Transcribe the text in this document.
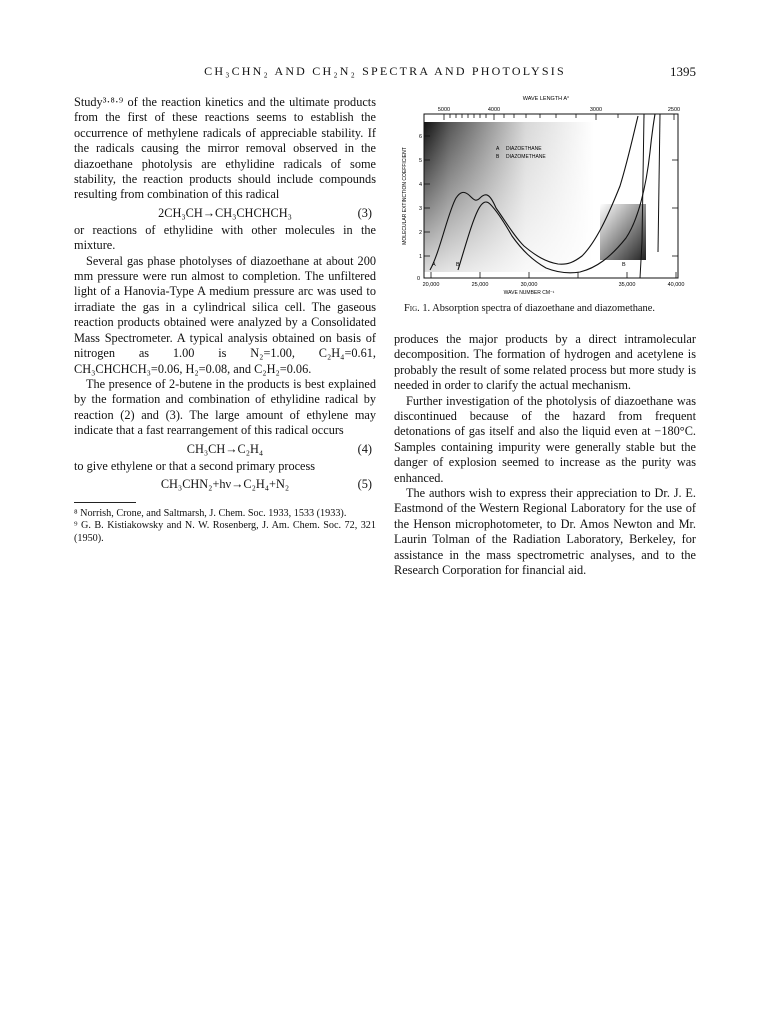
CH₃CHN₂ AND CH₂N₂ SPECTRA AND PHOTOLYSIS	1395

Study³·⁸·⁹ of the reaction kinetics and the ultimate products from the first of these reactions seems to establish the occurrence of methylene radicals of appreciable stability. If the radicals causing the mirror removal observed in the diazoethane photolysis are ethylidine radicals of some stability, the reaction products should include compounds resulting from combination of this radical

2CH₃CH→CH₃CHCHCH₃	(3)

or reactions of ethylidine with other molecules in the mixture.

Several gas phase photolyses of diazoethane at about 200 mm pressure were run almost to completion. The unfiltered light of a Hanovia-Type A medium pressure arc was used to irradiate the gas in a cylindrical silica cell. The gaseous reaction products obtained were analyzed by a Consolidated Mass Spectrometer. A typical analysis obtained on basis of nitrogen as 1.00 is N₂=1.00, C₂H₄=0.61, CH₃CHCHCH₃=0.06, H₂=0.08, and C₂H₂=0.06.

The presence of 2-butene in the products is best explained by the formation and combination of ethylidine radical by reaction (2) and (3). The large amount of ethylene may indicate that a fast rearrangement of this radical occurs

CH₃CH→C₂H₄	(4)

to give ethylene or that a second primary process

CH₃CHN₂+hν→C₂H₄+N₂	(5)

⁸ Norrish, Crone, and Saltmarsh, J. Chem. Soc. 1933, 1533 (1933).

⁹ G. B. Kistiakowsky and N. W. Rosenberg, J. Am. Chem. Soc. 72, 321 (1950).

WAVE LENGTH A°
5000	4000	3000	2500
20,000	25,000	30,000	35,000	40,000
WAVE NUMBER CM⁻¹
0
1
2
3
4
5
6
MOLECULAR EXTINCTION COEFFICIENT	A DIAZOETHANE
B DIAZOMETHANE
A	B	B
Fig. 1. Absorption spectra of diazoethane and diazomethane.

produces the major products by a direct intramolecular decomposition. The formation of hydrogen and acetylene is probably the result of some related process but more study is needed in order to clarify the actual mechanism.

Further investigation of the photolysis of diazoethane was discontinued because of the hazard from frequent detonations of gas itself and also the liquid even at −180°C. Samples containing impurity were generally stable but the danger of explosion seemed to increase as the purity was enhanced.

The authors wish to express their appreciation to Dr. J. E. Eastmond of the Western Regional Laboratory for the use of the Henson microphotometer, to Dr. Amos Newton and Mr. Laurin Tolman of the Radiation Laboratory, Berkeley, for assistance in the mass spectrometric analyses, and to the Research Corporation for financial aid.
